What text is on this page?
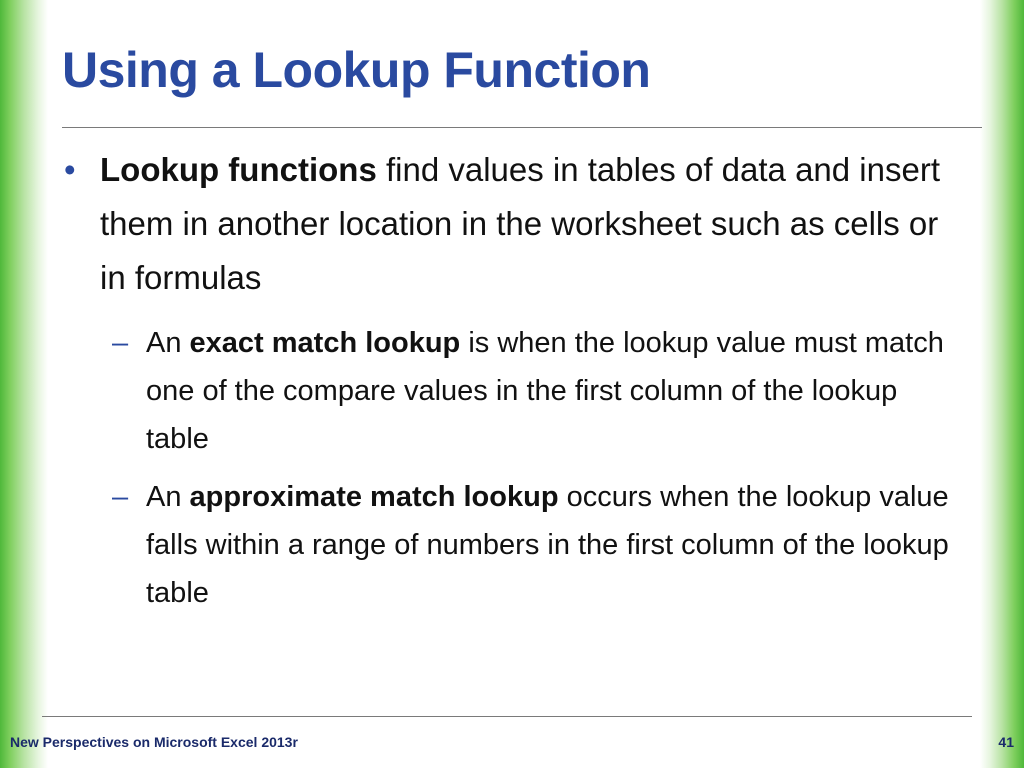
Using a Lookup Function
• Lookup functions find values in tables of data and insert them in another location in the worksheet such as cells or in formulas
– An exact match lookup is when the lookup value must match one of the compare values in the first column of the lookup table
– An approximate match lookup occurs when the lookup value falls within a range of numbers in the first column of the lookup table
New Perspectives on Microsoft Excel 2013r	41
